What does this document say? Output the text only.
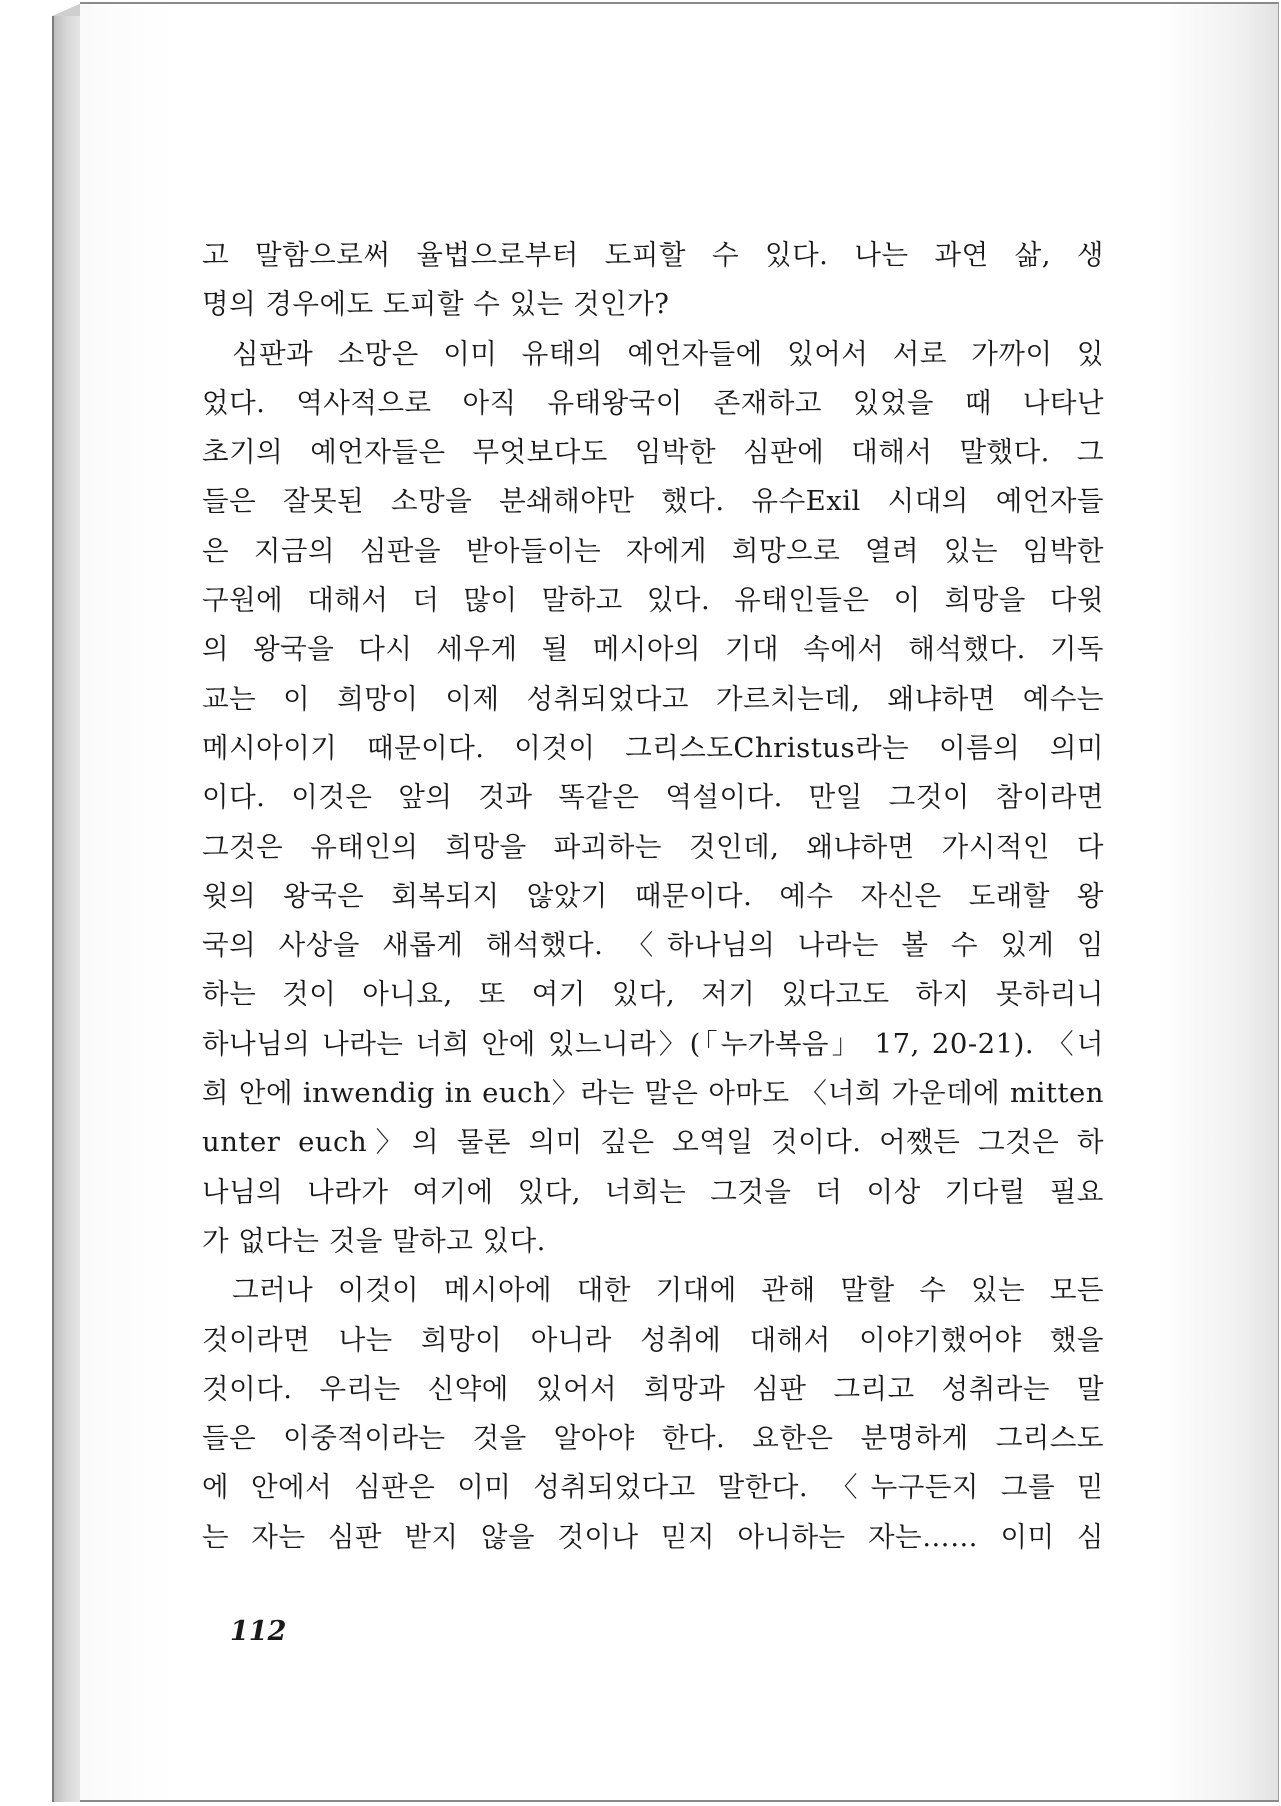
고 말함으로써 율법으로부터 도피할 수 있다. 나는 과연 삶, 생
명의 경우에도 도피할 수 있는 것인가?
심판과 소망은 이미 유태의 예언자들에 있어서 서로 가까이 있
었다. 역사적으로 아직 유태왕국이 존재하고 있었을 때 나타난
초기의 예언자들은 무엇보다도 임박한 심판에 대해서 말했다. 그
들은 잘못된 소망을 분쇄해야만 했다. 유수Exil 시대의 예언자들
은 지금의 심판을 받아들이는 자에게 희망으로 열려 있는 임박한
구원에 대해서 더 많이 말하고 있다. 유태인들은 이 희망을 다윗
의 왕국을 다시 세우게 될 메시아의 기대 속에서 해석했다. 기독
교는 이 희망이 이제 성취되었다고 가르치는데, 왜냐하면 예수는
메시아이기 때문이다. 이것이 그리스도Christus라는 이름의 의미
이다. 이것은 앞의 것과 똑같은 역설이다. 만일 그것이 참이라면
그것은 유태인의 희망을 파괴하는 것인데, 왜냐하면 가시적인 다
윗의 왕국은 회복되지 않았기 때문이다. 예수 자신은 도래할 왕
국의 사상을 새롭게 해석했다. 〈하나님의 나라는 볼 수 있게 임
하는 것이 아니요, 또 여기 있다, 저기 있다고도 하지 못하리니
하나님의 나라는 너희 안에 있느니라〉(「누가복음」 17, 20-21). 〈너
희 안에 inwendig in euch〉라는 말은 아마도 〈너희 가운데에 mitten
unter euch〉의 물론 의미 깊은 오역일 것이다. 어쨌든 그것은 하
나님의 나라가 여기에 있다, 너희는 그것을 더 이상 기다릴 필요
가 없다는 것을 말하고 있다.
그러나 이것이 메시아에 대한 기대에 관해 말할 수 있는 모든
것이라면 나는 희망이 아니라 성취에 대해서 이야기했어야 했을
것이다. 우리는 신약에 있어서 희망과 심판 그리고 성취라는 말
들은 이중적이라는 것을 알아야 한다. 요한은 분명하게 그리스도
에 안에서 심판은 이미 성취되었다고 말한다. 〈누구든지 그를 믿
는 자는 심판 받지 않을 것이나 믿지 아니하는 자는…… 이미 심
112
